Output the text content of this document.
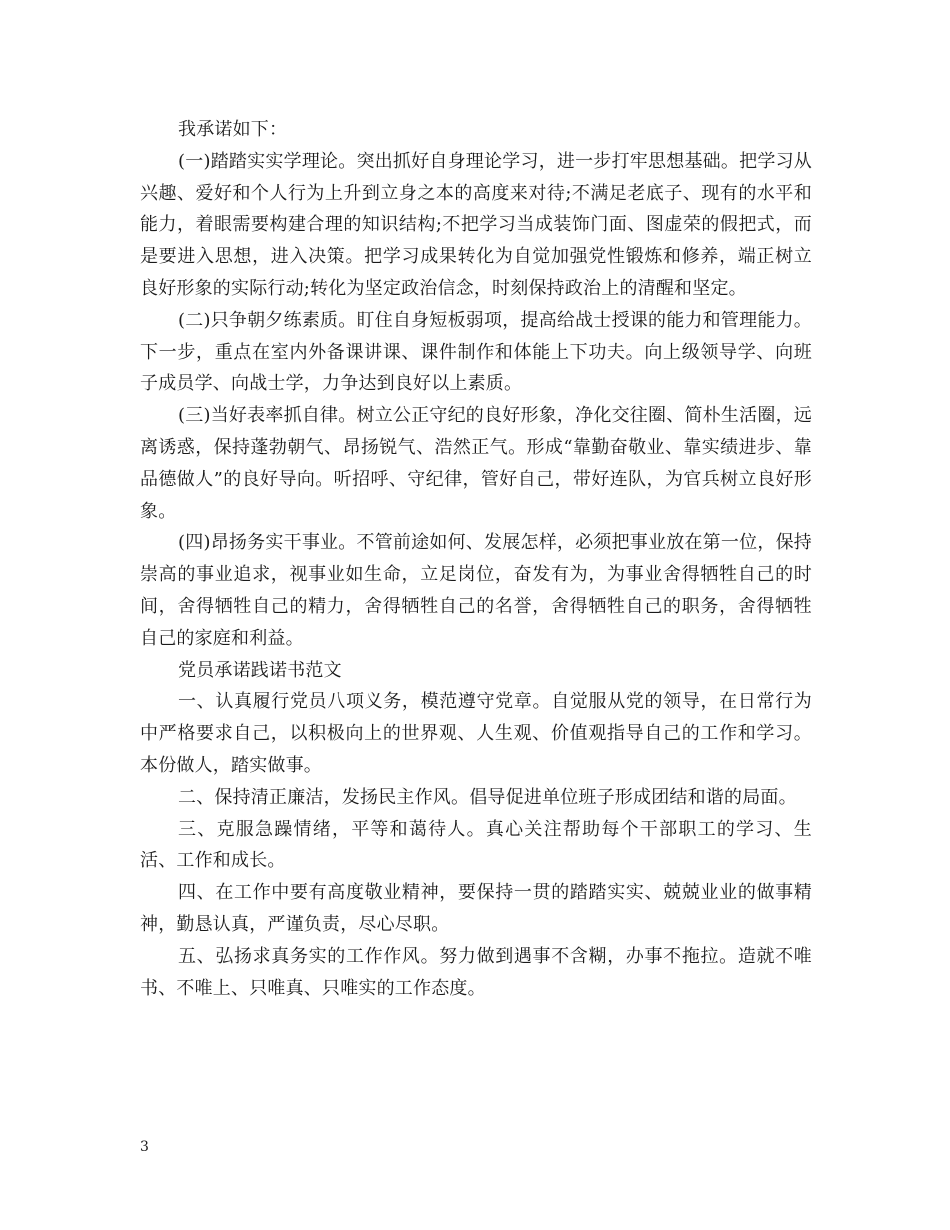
我承诺如下：

(一)踏踏实实学理论。突出抓好自身理论学习，进一步打牢思想基础。把学习从兴趣、爱好和个人行为上升到立身之本的高度来对待;不满足老底子、现有的水平和能力，着眼需要构建合理的知识结构;不把学习当成装饰门面、图虚荣的假把式，而是要进入思想，进入决策。把学习成果转化为自觉加强党性锻炼和修养，端正树立良好形象的实际行动;转化为坚定政治信念，时刻保持政治上的清醒和坚定。

(二)只争朝夕练素质。盯住自身短板弱项，提高给战士授课的能力和管理能力。下一步，重点在室内外备课讲课、课件制作和体能上下功夫。向上级领导学、向班子成员学、向战士学，力争达到良好以上素质。

(三)当好表率抓自律。树立公正守纪的良好形象，净化交往圈、简朴生活圈，远离诱惑，保持蓬勃朝气、昂扬锐气、浩然正气。形成“靠勤奋敬业、靠实绩进步、靠品德做人”的良好导向。听招呼、守纪律，管好自己，带好连队，为官兵树立良好形象。

(四)昂扬务实干事业。不管前途如何、发展怎样，必须把事业放在第一位，保持崇高的事业追求，视事业如生命，立足岗位，奋发有为，为事业舍得牺牲自己的时间，舍得牺牲自己的精力，舍得牺牲自己的名誉，舍得牺牲自己的职务，舍得牺牲自己的家庭和利益。

党员承诺践诺书范文

一、认真履行党员八项义务，模范遵守党章。自觉服从党的领导，在日常行为中严格要求自己，以积极向上的世界观、人生观、价值观指导自己的工作和学习。本份做人，踏实做事。

二、保持清正廉洁，发扬民主作风。倡导促进单位班子形成团结和谐的局面。

三、克服急躁情绪，平等和蔼待人。真心关注帮助每个干部职工的学习、生活、工作和成长。

四、在工作中要有高度敬业精神，要保持一贯的踏踏实实、兢兢业业的做事精神，勤恳认真，严谨负责，尽心尽职。

五、弘扬求真务实的工作作风。努力做到遇事不含糊，办事不拖拉。造就不唯书、不唯上、只唯真、只唯实的工作态度。

3
